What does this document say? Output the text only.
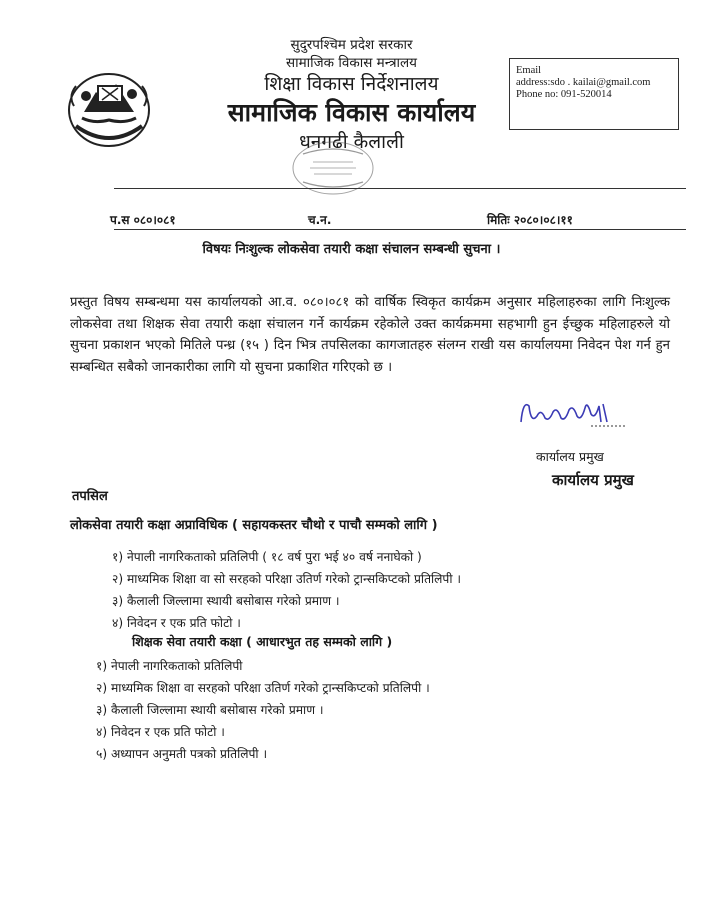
सुदुरपश्चिम प्रदेश सरकार
सामाजिक विकास मन्त्रालय
शिक्षा विकास निर्देशनालय
सामाजिक विकास कार्यालय
धनगढी कैलाली
Email
address:sdo . kailai@gmail.com
Phone no: 091-520014
प.स ०८०।०८१	च.न.	मितिः २०८०।०८।११
विषयः निःशुल्क लोकसेवा तयारी कक्षा संचालन सम्बन्धी सुचना ।
प्रस्तुत विषय सम्बन्धमा यस कार्यालयको आ.व. ०८०।०८१ को वार्षिक स्विकृत कार्यक्रम अनुसार महिलाहरुका लागि निःशुल्क लोकसेवा तथा शिक्षक सेवा तयारी कक्षा संचालन गर्ने कार्यक्रम रहेकोले उक्त कार्यक्रममा सहभागी हुन ईच्छुक महिलाहरुले यो सुचना प्रकाशन भएको मितिले पन्ध्र (१५ ) दिन भित्र तपसिलका कागजातहरु संलग्न राखी यस कार्यालयमा निवेदन पेश गर्न हुन सम्बन्धित सबैको जानकारीका लागि यो सुचना प्रकाशित गरिएको छ ।
कार्यालय प्रमुख
कार्यालय प्रमुख
तपसिल
लोकसेवा तयारी कक्षा अप्राविधिक ( सहायकस्तर चौथो र पाचौ सम्मको लागि )
१) नेपाली नागरिकताको प्रतिलिपी ( १८ वर्ष पुरा भई ४० वर्ष ननाघेको )
२) माध्यमिक शिक्षा वा सो सरहको परिक्षा उतिर्ण गरेको ट्रान्सकिप्टको प्रतिलिपी ।
३) कैलाली जिल्लामा स्थायी बसोबास गरेको प्रमाण ।
४) निवेदन र एक प्रति फोटो ।
शिक्षक सेवा तयारी कक्षा ( आधारभुत तह सम्मको लागि )
१) नेपाली नागरिकताको प्रतिलिपी
२) माध्यमिक शिक्षा वा सरहको परिक्षा उतिर्ण गरेको ट्रान्सकिप्टको प्रतिलिपी ।
३) कैलाली जिल्लामा स्थायी बसोबास गरेको प्रमाण ।
४) निवेदन र एक प्रति फोटो ।
५) अध्यापन अनुमती पत्रको प्रतिलिपी ।
